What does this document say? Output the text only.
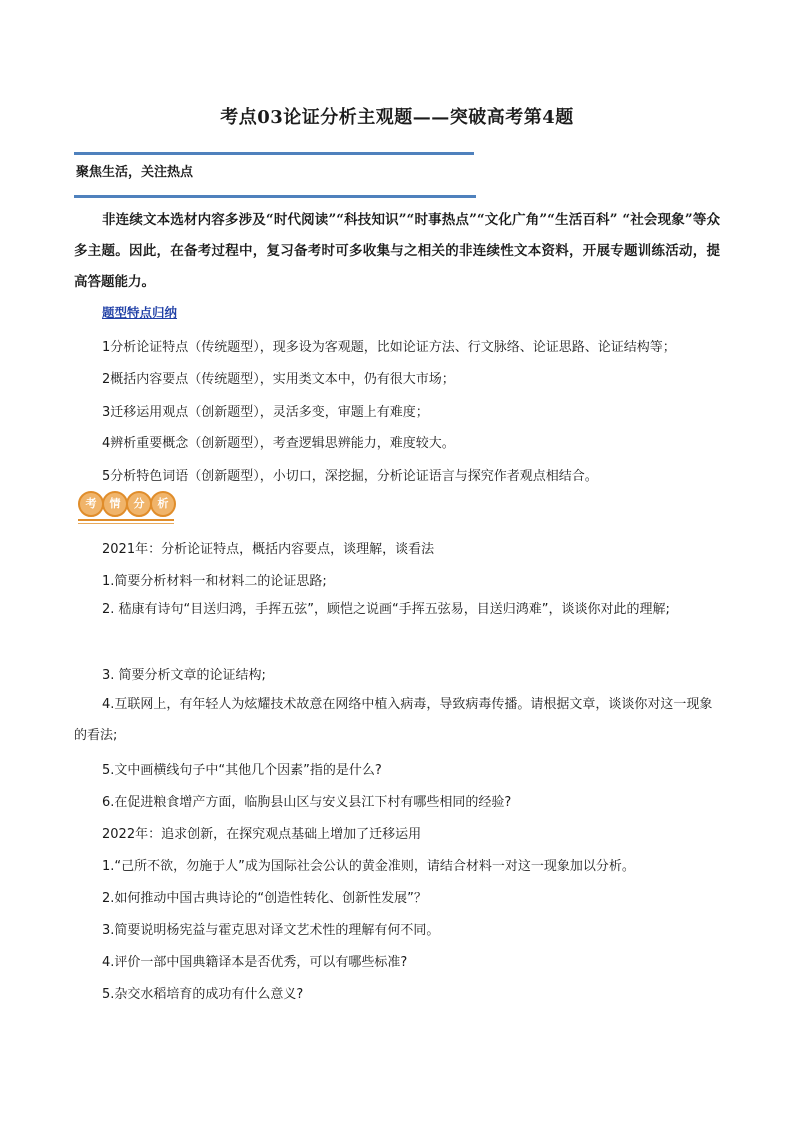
考点03论证分析主观题——突破高考第4题
聚焦生活，关注热点
非连续文本选材内容多涉及“时代阅读”“科技知识”“时事热点”“文化广角”“生活百科” “社会现象”等众多主题。因此，在备考过程中，复习备考时可多收集与之相关的非连续性文本资料，开展专题训练活动，提高答题能力。
题型特点归纳
1分析论证特点（传统题型），现多设为客观题，比如论证方法、行文脉络、论证思路、论证结构等；
2概括内容要点（传统题型），实用类文本中，仍有很大市场；
3迁移运用观点（创新题型），灵活多变，审题上有难度；
4辨析重要概念（创新题型），考查逻辑思辨能力，难度较大。
5分析特色词语（创新题型），小切口，深挖掘，分析论证语言与探究作者观点相结合。
考	情	分	析
2021年：分析论证特点，概括内容要点，谈理解，谈看法
1.简要分析材料一和材料二的论证思路;
2. 嵇康有诗句“目送归鸿，手挥五弦”，顾恺之说画“手挥五弦易，目送归鸿难”，谈谈你对此的理解;
3. 简要分析文章的论证结构;
4.互联网上，有年轻人为炫耀技术故意在网络中植入病毒，导致病毒传播。请根据文章，谈谈你对这一现象的看法;
5.文中画横线句子中“其他几个因素”指的是什么?
6.在促进粮食增产方面，临朐县山区与安义县江下村有哪些相同的经验?
2022年：追求创新，在探究观点基础上增加了迁移运用
1.“己所不欲，勿施于人”成为国际社会公认的黄金准则，请结合材料一对这一现象加以分析。
2.如何推动中国古典诗论的“创造性转化、创新性发展”？
3.简要说明杨宪益与霍克思对译文艺术性的理解有何不同。
4.评价一部中国典籍译本是否优秀，可以有哪些标准?
5.杂交水稻培育的成功有什么意义?
